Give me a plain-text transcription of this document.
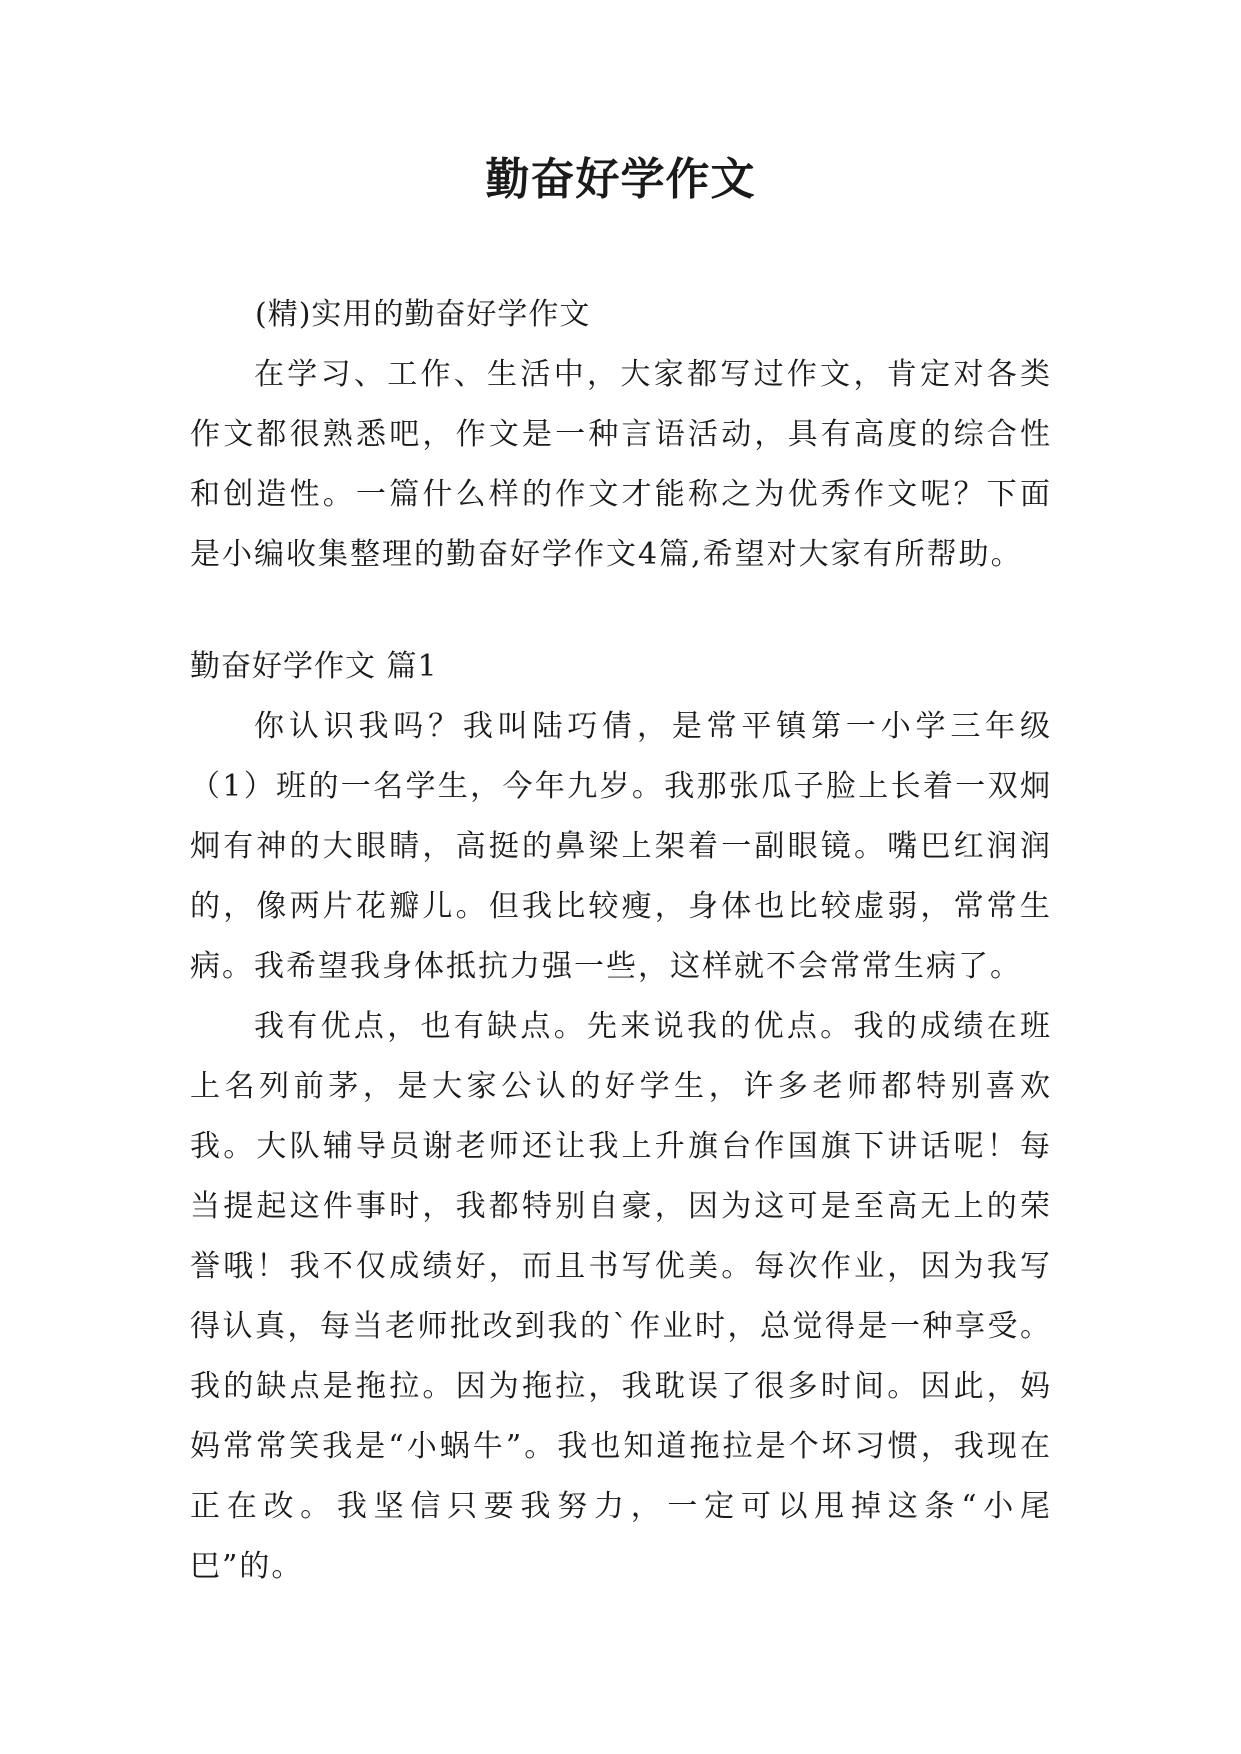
勤奋好学作文
(精)实用的勤奋好学作文

在学习、工作、生活中，大家都写过作文，肯定对各类作文都很熟悉吧，作文是一种言语活动，具有高度的综合性和创造性。一篇什么样的作文才能称之为优秀作文呢？下面是小编收集整理的勤奋好学作文4篇,希望对大家有所帮助。

勤奋好学作文 篇1

你认识我吗？我叫陆巧倩，是常平镇第一小学三年级（1）班的一名学生，今年九岁。我那张瓜子脸上长着一双炯炯有神的大眼睛，高挺的鼻梁上架着一副眼镜。嘴巴红润润的，像两片花瓣儿。但我比较瘦，身体也比较虚弱，常常生病。我希望我身体抵抗力强一些，这样就不会常常生病了。

我有优点，也有缺点。先来说我的优点。我的成绩在班上名列前茅，是大家公认的好学生，许多老师都特别喜欢我。大队辅导员谢老师还让我上升旗台作国旗下讲话呢！每当提起这件事时，我都特别自豪，因为这可是至高无上的荣誉哦！我不仅成绩好，而且书写优美。每次作业，因为我写得认真，每当老师批改到我的`作业时，总觉得是一种享受。我的缺点是拖拉。因为拖拉，我耽误了很多时间。因此，妈妈常常笑我是“小蜗牛”。我也知道拖拉是个坏习惯，我现在正在改。我坚信只要我努力，一定可以甩掉这条“小尾巴”的。
